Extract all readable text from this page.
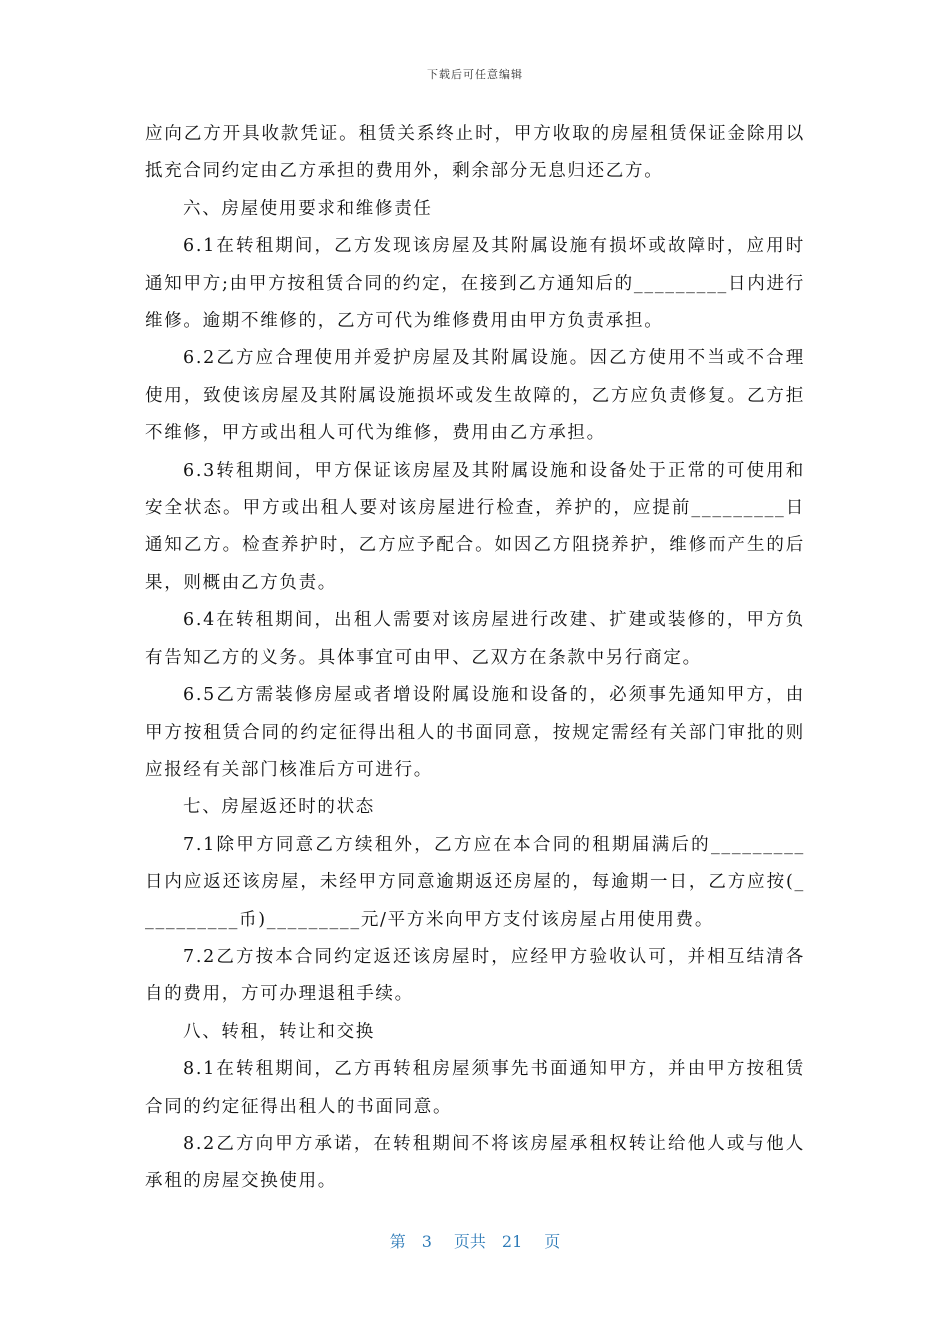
下载后可任意编辑

应向乙方开具收款凭证。租赁关系终止时，甲方收取的房屋租赁保证金除用以抵充合同约定由乙方承担的费用外，剩余部分无息归还乙方。

六、房屋使用要求和维修责任

6.1在转租期间，乙方发现该房屋及其附属设施有损坏或故障时，应用时通知甲方;由甲方按租赁合同的约定，在接到乙方通知后的_________日内进行维修。逾期不维修的，乙方可代为维修费用由甲方负责承担。

6.2乙方应合理使用并爱护房屋及其附属设施。因乙方使用不当或不合理使用，致使该房屋及其附属设施损坏或发生故障的，乙方应负责修复。乙方拒不维修，甲方或出租人可代为维修，费用由乙方承担。

6.3转租期间，甲方保证该房屋及其附属设施和设备处于正常的可使用和安全状态。甲方或出租人要对该房屋进行检查，养护的，应提前_________日通知乙方。检查养护时，乙方应予配合。如因乙方阻挠养护，维修而产生的后果，则概由乙方负责。

6.4在转租期间，出租人需要对该房屋进行改建、扩建或装修的，甲方负有告知乙方的义务。具体事宜可由甲、乙双方在条款中另行商定。

6.5乙方需装修房屋或者增设附属设施和设备的，必须事先通知甲方，由甲方按租赁合同的约定征得出租人的书面同意，按规定需经有关部门审批的则应报经有关部门核准后方可进行。

七、房屋返还时的状态

7.1除甲方同意乙方续租外，乙方应在本合同的租期届满后的_________日内应返还该房屋，未经甲方同意逾期返还房屋的，每逾期一日，乙方应按(__________币)_________元/平方米向甲方支付该房屋占用使用费。

7.2乙方按本合同约定返还该房屋时，应经甲方验收认可，并相互结清各自的费用，方可办理退租手续。

八、转租，转让和交换

8.1在转租期间，乙方再转租房屋须事先书面通知甲方，并由甲方按租赁合同的约定征得出租人的书面同意。

8.2乙方向甲方承诺，在转租期间不将该房屋承租权转让给他人或与他人承租的房屋交换使用。

第 3 页共 21 页
